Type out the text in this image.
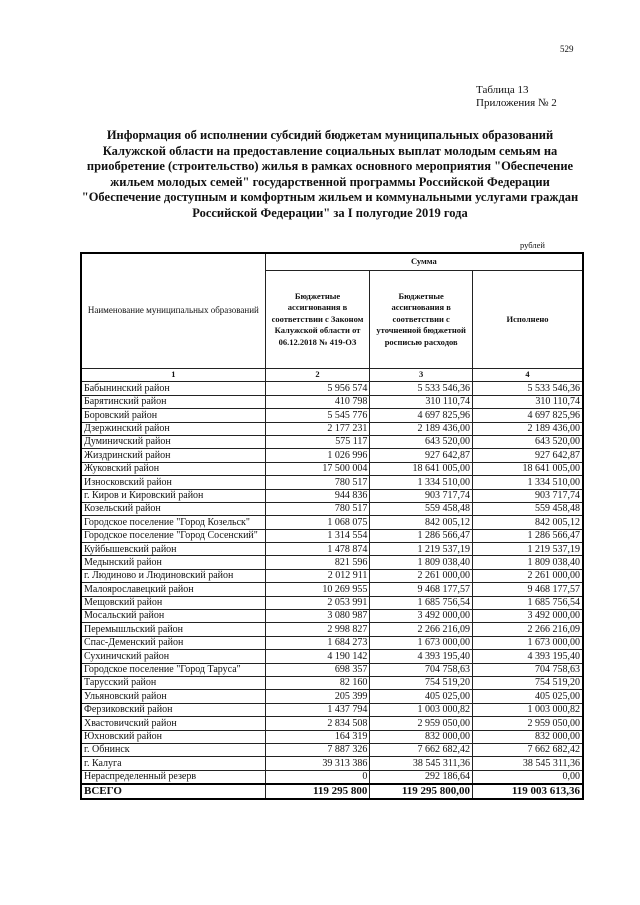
529
Таблица 13
Приложения № 2
Информация об исполнении субсидий бюджетам муниципальных образований Калужской области на предоставление социальных выплат молодым семьям на приобретение (строительство) жилья в рамках основного мероприятия "Обеспечение жильем молодых семей" государственной программы Российской Федерации "Обеспечение доступным и комфортным жильем и коммунальными услугами граждан Российской Федерации" за I полугодие 2019 года
рублей
Наименование муниципальных образований	Сумма		
	Бюджетные ассигнования в соответствии с Законом Калужской области от 06.12.2018 № 419-ОЗ	Бюджетные ассигнования в соответствии с уточненной бюджетной росписью расходов	Исполнено
1	2	3	4
Бабынинский район	5 956 574	5 533 546,36	5 533 546,36
Барятинский район	410 798	310 110,74	310 110,74
Боровский район	5 545 776	4 697 825,96	4 697 825,96
Дзержинский район	2 177 231	2 189 436,00	2 189 436,00
Думиничский район	575 117	643 520,00	643 520,00
Жиздринский район	1 026 996	927 642,87	927 642,87
Жуковский район	17 500 004	18 641 005,00	18 641 005,00
Износковский район	780 517	1 334 510,00	1 334 510,00
г. Киров и Кировский район	944 836	903 717,74	903 717,74
Козельский район	780 517	559 458,48	559 458,48
Городское поселение "Город Козельск"	1 068 075	842 005,12	842 005,12
Городское поселение "Город Сосенский"	1 314 554	1 286 566,47	1 286 566,47
Куйбышевский район	1 478 874	1 219 537,19	1 219 537,19
Медынский район	821 596	1 809 038,40	1 809 038,40
г. Людиново и Людиновский район	2 012 911	2 261 000,00	2 261 000,00
Малоярославецкий район	10 269 955	9 468 177,57	9 468 177,57
Мещовский район	2 053 991	1 685 756,54	1 685 756,54
Мосальский район	3 080 987	3 492 000,00	3 492 000,00
Перемышльский район	2 998 827	2 266 216,09	2 266 216,09
Спас-Деменский район	1 684 273	1 673 000,00	1 673 000,00
Сухиничский район	4 190 142	4 393 195,40	4 393 195,40
Городское поселение "Город Таруса"	698 357	704 758,63	704 758,63
Тарусский район	82 160	754 519,20	754 519,20
Ульяновский район	205 399	405 025,00	405 025,00
Ферзиковский район	1 437 794	1 003 000,82	1 003 000,82
Хвастовичский район	2 834 508	2 959 050,00	2 959 050,00
Юхновский район	164 319	832 000,00	832 000,00
г. Обнинск	7 887 326	7 662 682,42	7 662 682,42
г. Калуга	39 313 386	38 545 311,36	38 545 311,36
Нераспределенный резерв	0	292 186,64	0,00
ВСЕГО	119 295 800	119 295 800,00	119 003 613,36
